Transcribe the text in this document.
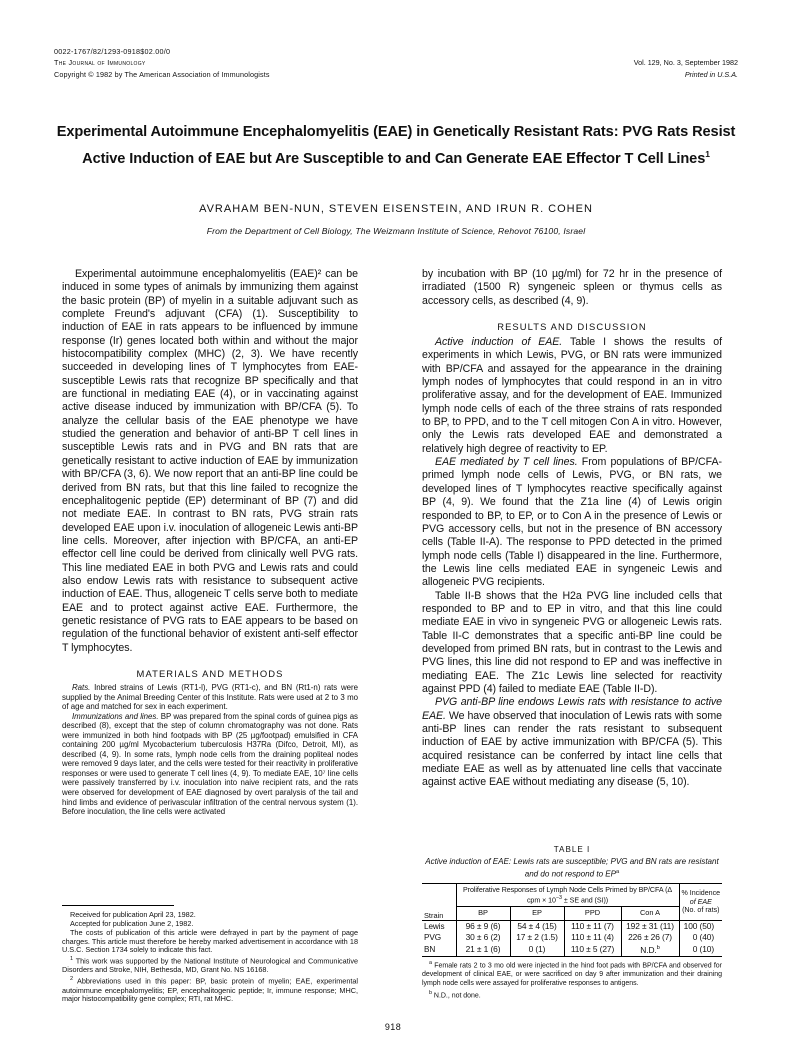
0022-1767/82/1293-0918$02.00/0
The Journal of Immunology
Copyright © 1982 by The American Association of Immunologists
Vol. 129, No. 3, September 1982
Printed in U.S.A.
Experimental Autoimmune Encephalomyelitis (EAE) in Genetically Resistant Rats: PVG Rats Resist Active Induction of EAE but Are Susceptible to and Can Generate EAE Effector T Cell Lines$^1$
AVRAHAM BEN-NUN, STEVEN EISENSTEIN, AND IRUN R. COHEN
From the Department of Cell Biology, The Weizmann Institute of Science, Rehovot 76100, Israel

Experimental autoimmune encephalomyelitis (EAE)² can be induced in some types of animals by immunizing them against the basic protein (BP) of myelin in a suitable adjuvant such as complete Freund's adjuvant (CFA) (1). Susceptibility to induction of EAE in rats appears to be influenced by immune response (Ir) genes located both within and without the major histocompatibility complex (MHC) (2, 3). We have recently succeeded in developing lines of T lymphocytes from EAE-susceptible Lewis rats that recognize BP specifically and that are functional in mediating EAE (4), or in vaccinating against active disease induced by immunization with BP/CFA (5). To analyze the cellular basis of the EAE phenotype we have studied the generation and behavior of anti-BP T cell lines in susceptible Lewis rats and in PVG and BN rats that are genetically resistant to active induction of EAE by immunization with BP/CFA (3, 6). We now report that an anti-BP line could be derived from BN rats, but that this line failed to recognize the encephalitogenic peptide (EP) determinant of BP (7) and did not mediate EAE. In contrast to BN rats, PVG strain rats developed EAE upon i.v. inoculation of allogeneic Lewis anti-BP line cells. Moreover, after injection with BP/CFA, an anti-EP effector cell line could be derived from clinically well PVG rats. This line mediated EAE in both PVG and Lewis rats and could also endow Lewis rats with resistance to subsequent active induction of EAE. Thus, allogeneic T cells serve both to mediate EAE and to protect against active EAE. Furthermore, the genetic resistance of PVG rats to EAE appears to be based on regulation of the functional behavior of existent anti-self effector T lymphocytes.

MATERIALS AND METHODS

Rats. Inbred strains of Lewis (RT1-l), PVG (RT1-c), and BN (Rt1-n) rats were supplied by the Animal Breeding Center of this Institute. Rats were used at 2 to 3 mo of age and matched for sex in each experiment.

Immunizations and lines. BP was prepared from the spinal cords of guinea pigs as described (8), except that the step of column chromatography was not done. Rats were immunized in both hind footpads with BP (25 µg/footpad) emulsified in CFA containing 200 µg/ml Mycobacterium tuberculosis H37Ra (Difco, Detroit, MI), as described (4, 9). In some rats, lymph node cells from the draining popliteal nodes were removed 9 days later, and the cells were tested for their reactivity in proliferative responses or were used to generate T cell lines (4, 9). To mediate EAE, 10⁷ line cells were passively transferred by i.v. inoculation into naive recipient rats, and the rats were observed for development of EAE diagnosed by overt paralysis of the tail and hind limbs and evidence of perivascular infiltration of the central nervous system (1). Before inoculation, the line cells were activated

Received for publication April 23, 1982.

Accepted for publication June 2, 1982.

The costs of publication of this article were defrayed in part by the payment of page charges. This article must therefore be hereby marked advertisement in accordance with 18 U.S.C. Section 1734 solely to indicate this fact.

$^1$ This work was supported by the National Institute of Neurological and Communicative Disorders and Stroke, NIH, Bethesda, MD, Grant No. NS 16168.

$^2$ Abbreviations used in this paper: BP, basic protein of myelin; EAE, experimental autoimmune encephalomyelitis; EP, encephalitogenic peptide; Ir, immune response; MHC, major histocompatibility gene complex; RTI, rat MHC.

by incubation with BP (10 µg/ml) for 72 hr in the presence of irradiated (1500 R) syngeneic spleen or thymus cells as accessory cells, as described (4, 9).

RESULTS AND DISCUSSION

Active induction of EAE. Table I shows the results of experiments in which Lewis, PVG, or BN rats were immunized with BP/CFA and assayed for the appearance in the draining lymph nodes of lymphocytes that could respond in an in vitro proliferative assay, and for the development of EAE. Immunized lymph node cells of each of the three strains of rats responded to BP, to PPD, and to the T cell mitogen Con A in vitro. However, only the Lewis rats developed EAE and demonstrated a relatively high degree of reactivity to EP.

EAE mediated by T cell lines. From populations of BP/CFA-primed lymph node cells of Lewis, PVG, or BN rats, we developed lines of T lymphocytes reactive specifically against BP (4, 9). We found that the Z1a line (4) of Lewis origin responded to BP, to EP, or to Con A in the presence of Lewis or PVG accessory cells, but not in the presence of BN accessory cells (Table II-A). The response to PPD detected in the primed lymph node cells (Table I) disappeared in the line. Furthermore, the Lewis line cells mediated EAE in syngeneic Lewis and allogeneic PVG recipients.

Table II-B shows that the H2a PVG line included cells that responded to BP and to EP in vitro, and that this line could mediate EAE in vivo in syngeneic PVG or allogeneic Lewis rats. Table II-C demonstrates that a specific anti-BP line could be developed from primed BN rats, but in contrast to the Lewis and PVG lines, this line did not respond to EP and was ineffective in mediating EAE. The Z1c Lewis line selected for reactivity against PPD (4) failed to mediate EAE (Table II-D).

PVG anti-BP line endows Lewis rats with resistance to active EAE. We have observed that inoculation of Lewis rats with some anti-BP lines can render the rats resistant to subsequent induction of EAE by active immunization with BP/CFA (5). This acquired resistance can be conferred by intact line cells that mediate EAE as well as by attenuated line cells that vaccinate against active EAE without mediating any disease (5, 10).

TABLE I
Active induction of EAE: Lewis rats are susceptible; PVG and BN rats are resistant and do not respond to $EP^a$
Strain	Proliferative Responses of Lymph Node Cells Primed by BP/CFA (Δ
cpm × $10^{-3}$ ± SE and (SI))				% Incidence
of EAE
(No. of rats)
	BP	EP	PPD	Con A	
Lewis	96 ± 9 (6)	54 ± 4 (15)	110 ± 11 (7)	192 ± 31 (11)	100 (50)
PVG	30 ± 6 (2)	17 ± 2 (1.5)	110 ± 11 (4)	226 ± 26 (7)	0 (40)
BN	21 ± 1 (6)	0 (1)	110 ± 5 (27)	N.D.$^b$	0 (10)

$^a$ Female rats 2 to 3 mo old were injected in the hind foot pads with BP/CFA and observed for development of clinical EAE, or were sacrificed on day 9 after immunization and their draining lymph node cells were assayed for proliferative responses to antigens.

$^b$ N.D., not done.

918
